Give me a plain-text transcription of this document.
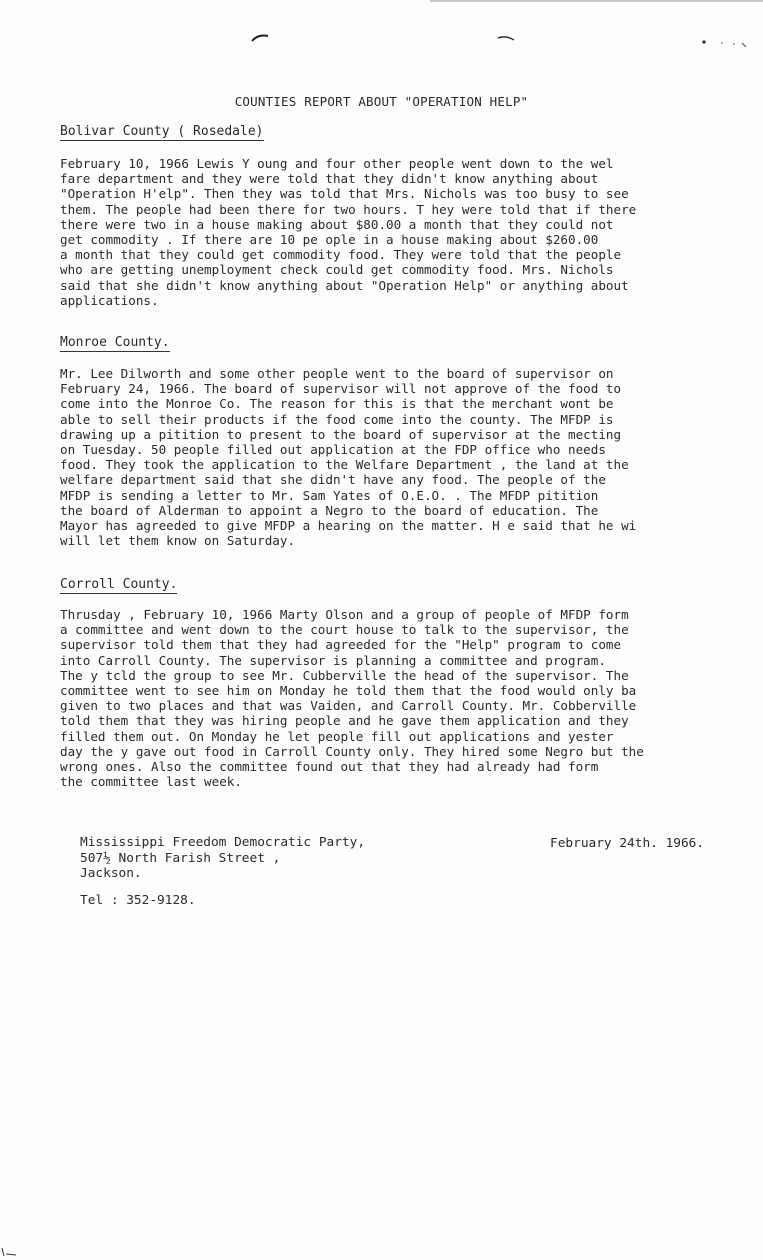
COUNTIES REPORT ABOUT "OPERATION HELP"
Bolivar County ( Rosedale)
February 10, 1966 Lewis Y oung and four other people went down to the wel
fare department and they were told that they didn't know anything about
"Operation H'elp". Then they was told that Mrs. Nichols was too busy to see
them. The people had been there for two hours. T hey were told that if there
there were two in a house making about $80.00 a month that they could not
get commodity . If there are 10 pe ople in a house making about $260.00
a month that they could get commodity food. They were told that the people
who are getting unemployment check could get commodity food. Mrs. Nichols
said that she didn't know anything about "Operation Help" or anything about
applications.
Monroe County.
Mr. Lee Dilworth and some other people went to the board of supervisor on
February 24, 1966. The board of supervisor will not approve of the food to
come into the Monroe Co. The reason for this is that the merchant wont be
able to sell their products if the food come into the county. The MFDP is
drawing up a pitition to present to the board of supervisor at the mecting
on Tuesday. 50 people filled out application at the FDP office who needs
food. They took the application to the Welfare Department , the land at the
welfare department said that she didn't have any food. The people of the
MFDP is sending a letter to Mr. Sam Yates of O.E.O. . The MFDP pitition
the board of Alderman to appoint a Negro to the board of education. The
Mayor has agreeded to give MFDP a hearing on the matter. H e said that he wi
will let them know on Saturday.
Corroll County.
Thrusday , February 10, 1966 Marty Olson and a group of people of MFDP form
a committee and went down to the court house to talk to the supervisor, the
supervisor told them that they had agreeded for the "Help" program to come
into Carroll County. The supervisor is planning a committee and program.
The y tcld the group to see Mr. Cubberville the head of the supervisor. The
committee went to see him on Monday he told them that the food would only ba
given to two places and that was Vaiden, and Carroll County. Mr. Cobberville
told them that they was hiring people and he gave them application and they
filled them out. On Monday he let people fill out applications and yester
day the y gave out food in Carroll County only. They hired some Negro but the
wrong ones. Also the committee found out that they had already had form
the committee last week.
Mississippi Freedom Democratic Party,
507½ North Farish Street ,
Jackson.
February 24th. 1966.
Tel : 352-9128.
